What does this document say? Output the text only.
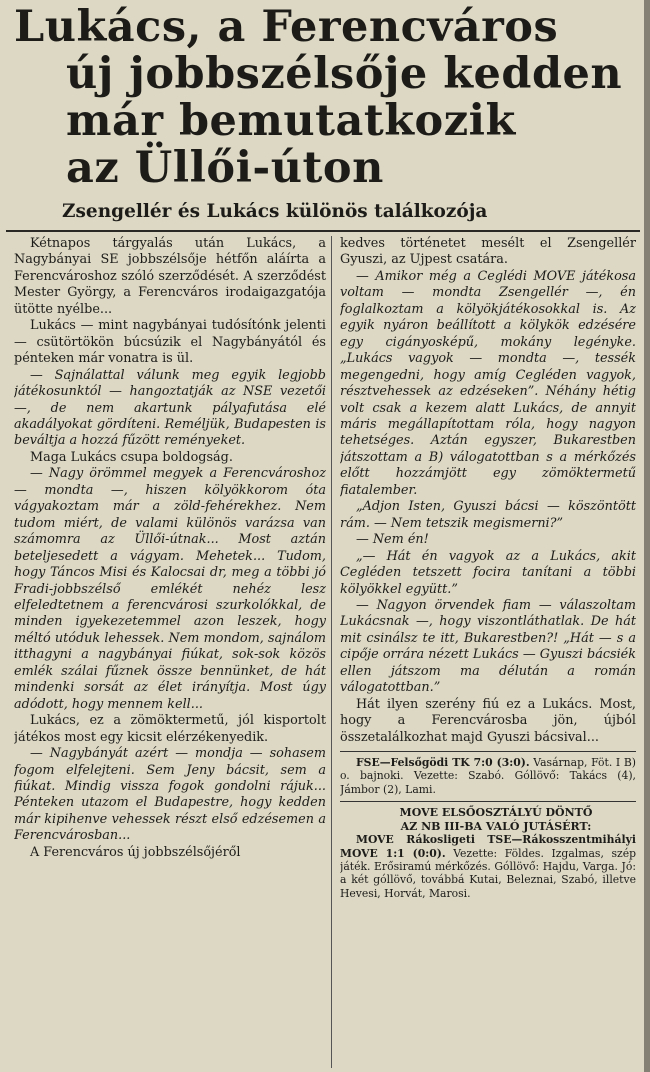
Lukács, a Ferencváros
új jobbszélsője kedden
már bemutatkozik
az Üllői-úton
Zsengellér és Lukács különös találkozója

Kétnapos tárgyalás után Lukács, a Nagybányai SE jobbszélsője hétfőn aláírta a Ferencvároshoz szóló szerződését. A szerződést Mester György, a Ferencváros irodaigazgatója ütötte nyélbe...

Lukács — mint nagybányai tudósítónk jelenti — csütörtökön búcsúzik el Nagybányától és pénteken már vonatra is ül.

— Sajnálattal válunk meg egyik legjobb játékosunktól — hangoztatják az NSE vezetői —, de nem akartunk pályafutása elé akadályokat gördíteni. Reméljük, Budapesten is beváltja a hozzá fűzött reményeket.

Maga Lukács csupa boldogság.

— Nagy örömmel megyek a Ferencvároshoz — mondta —, hiszen kölyökkorom óta vágyakoztam már a zöld-fehérekhez. Nem tudom miért, de valami különös varázsa van számomra az Üllői-útnak... Most aztán beteljesedett a vágyam. Mehetek... Tudom, hogy Táncos Misi és Kalocsai dr, meg a többi jó Fradi-jobbszélső emlékét nehéz lesz elfeledtetnem a ferencvárosi szurkolókkal, de minden igyekezetemmel azon leszek, hogy méltó utóduk lehessek. Nem mondom, sajnálom itthagyni a nagybányai fiúkat, sok-sok közös emlék szálai fűznek össze bennünket, de hát mindenki sorsát az élet irányítja. Most úgy adódott, hogy mennem kell...

Lukács, ez a zömöktermetű, jól kisportolt játékos most egy kicsit elérzékenyedik.

— Nagybányát azért — mondja — sohasem fogom elfelejteni. Sem Jeny bácsit, sem a fiúkat. Mindig vissza fogok gondolni rájuk... Pénteken utazom el Budapestre, hogy kedden már kipihenve vehessek részt első edzésemen a Ferencvárosban...

A Ferencváros új jobbszélsőjéről

kedves történetet mesélt el Zsengellér Gyuszi, az Ujpest csatára.

— Amikor még a Ceglédi MOVE játékosa voltam — mondta Zsengellér —, én foglalkoztam a kölyökjátékosokkal is. Az egyik nyáron beállított a kölykök edzésére egy cigányosképű, mokány legényke. „Lukács vagyok — mondta —, tessék megengedni, hogy amíg Cegléden vagyok, résztvehessek az edzéseken”. Néhány hétig volt csak a kezem alatt Lukács, de annyit máris megállapítottam róla, hogy nagyon tehetséges. Aztán egyszer, Bukarestben játszottam a B) válogatottban s a mérkőzés előtt hozzámjött egy zömöktermetű fiatalember.

„Adjon Isten, Gyuszi bácsi — köszöntött rám. — Nem tetszik megismerni?”

— Nem én!

„— Hát én vagyok az a Lukács, akit Cegléden tetszett focira tanítani a többi kölyökkel együtt.”

— Nagyon örvendek fiam — válaszoltam Lukácsnak —, hogy viszontláthatlak. De hát mit csinálsz te itt, Bukarestben?! „Hát — s a cipője orrára nézett Lukács — Gyuszi bácsiék ellen játszom ma délután a román válogatottban.”

Hát ilyen szerény fiú ez a Lukács. Most, hogy a Ferencvárosba jön, újból összetalálkozhat majd Gyuszi bácsival...

FSE—Felsőgödi TK 7:0 (3:0). Vasárnap, Föt. I B) o. bajnoki. Vezette: Szabó. Góllövő: Takács (4), Jámbor (2), Lami.

MOVE ELSŐOSZTÁLYÚ DÖNTŐ

AZ NB III-BA VALÓ JUTÁSÉRT:

MOVE Rákosligeti TSE—Rákosszentmihályi MOVE 1:1 (0:0). Vezette: Földes. Izgalmas, szép játék. Erősiramú mérkőzés. Góllövő: Hajdu, Varga. Jó: a két góllövő, továbbá Kutai, Beleznai, Szabó, illetve Hevesi, Horvát, Marosi.
